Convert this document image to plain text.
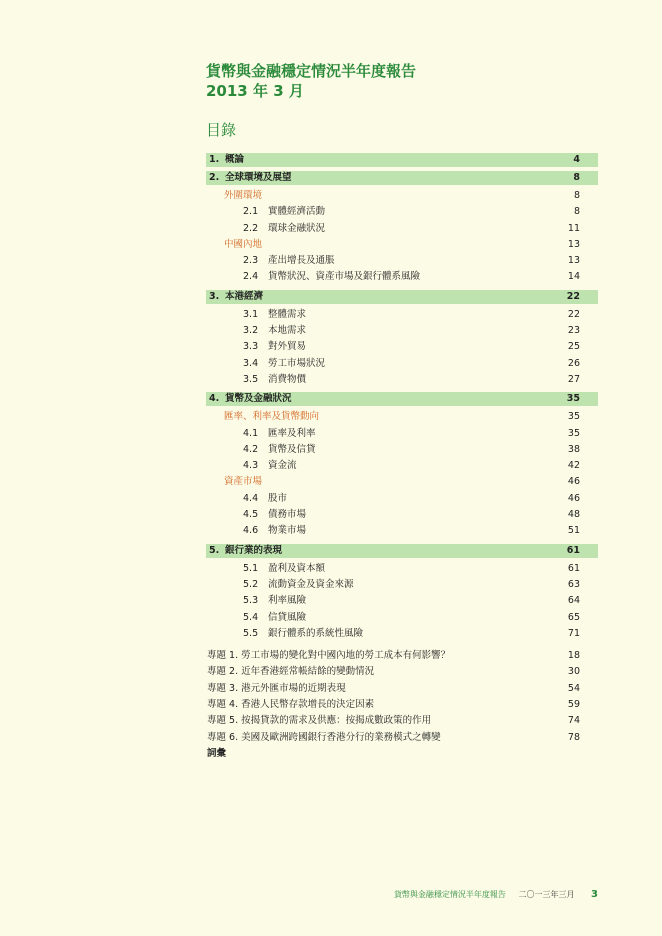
貨幣與金融穩定情況半年度報告
2013 年 3 月
目錄
1. 概論	4
2. 全球環境及展望	8
外圍環境	8
2.1 實體經濟活動	8
2.2 環球金融狀況	11
中國內地	13
2.3 產出增長及通脹	13
2.4 貨幣狀況、資產市場及銀行體系風險	14
3. 本港經濟	22
3.1 整體需求	22
3.2 本地需求	23
3.3 對外貿易	25
3.4 勞工市場狀況	26
3.5 消費物價	27
4. 貨幣及金融狀況	35
匯率、利率及貨幣動向	35
4.1 匯率及利率	35
4.2 貨幣及信貸	38
4.3 資金流	42
資產市場	46
4.4 股市	46
4.5 債務市場	48
4.6 物業市場	51
5. 銀行業的表現	61
5.1 盈利及資本額	61
5.2 流動資金及資金來源	63
5.3 利率風險	64
5.4 信貸風險	65
5.5 銀行體系的系統性風險	71
專題 1. 勞工市場的變化對中國內地的勞工成本有何影響？	18
專題 2. 近年香港經常帳結餘的變動情況	30
專題 3. 港元外匯市場的近期表現	54
專題 4. 香港人民幣存款增長的決定因素	59
專題 5. 按揭貸款的需求及供應：按揭成數政策的作用	74
專題 6. 美國及歐洲跨國銀行香港分行的業務模式之轉變	78
詞彙
貨幣與金融穩定情況半年度報告 二〇一三年三月 3
